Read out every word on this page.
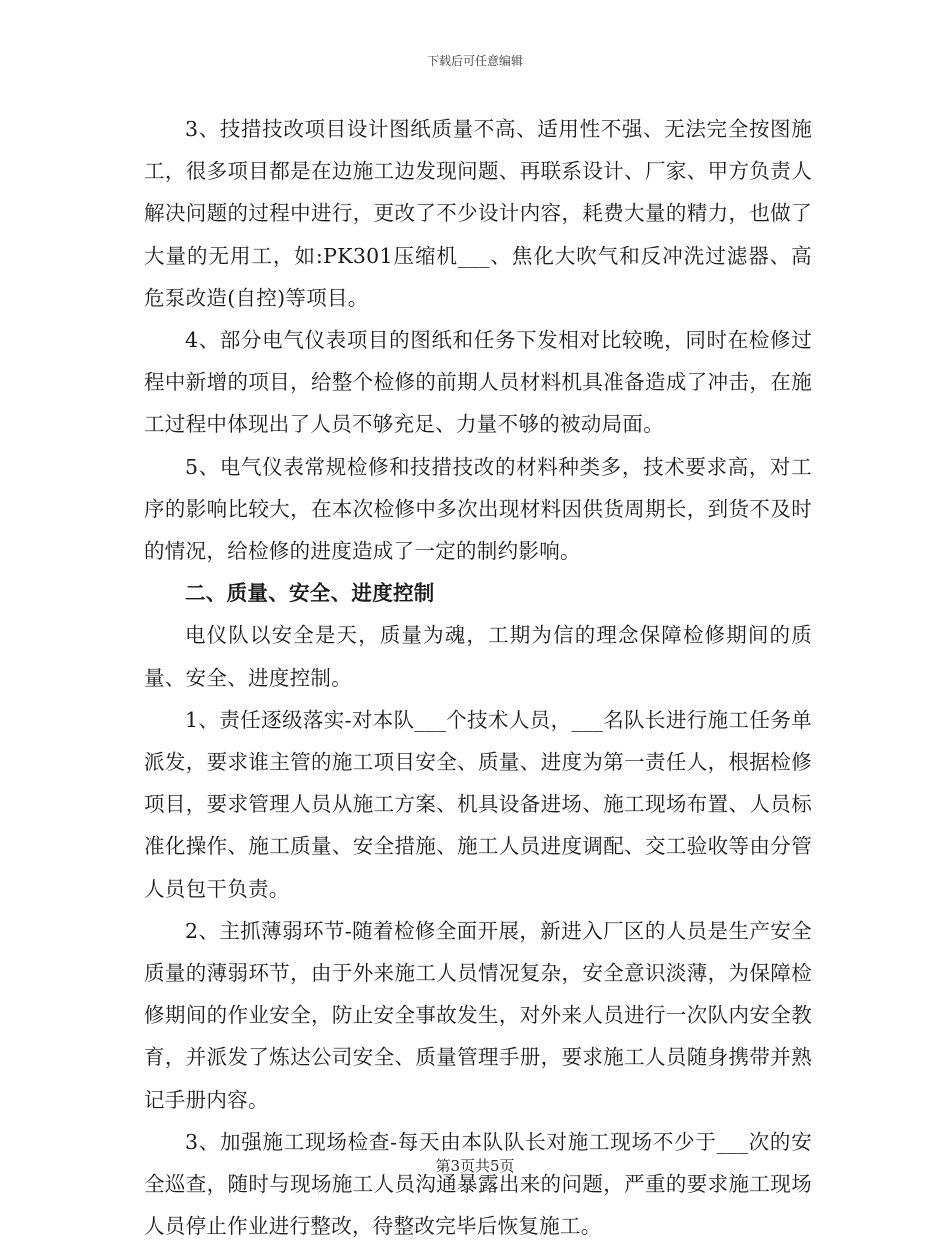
下载后可任意编辑

3、技措技改项目设计图纸质量不高、适用性不强、无法完全按图施工，很多项目都是在边施工边发现问题、再联系设计、厂家、甲方负责人解决问题的过程中进行，更改了不少设计内容，耗费大量的精力，也做了大量的无用工，如:PK301压缩机___、焦化大吹气和反冲洗过滤器、高危泵改造(自控)等项目。

4、部分电气仪表项目的图纸和任务下发相对比较晚，同时在检修过程中新增的项目，给整个检修的前期人员材料机具准备造成了冲击，在施工过程中体现出了人员不够充足、力量不够的被动局面。

5、电气仪表常规检修和技措技改的材料种类多，技术要求高，对工序的影响比较大，在本次检修中多次出现材料因供货周期长，到货不及时的情况，给检修的进度造成了一定的制约影响。

二、质量、安全、进度控制

电仪队以安全是天，质量为魂，工期为信的理念保障检修期间的质量、安全、进度控制。

1、责任逐级落实-对本队___个技术人员，___名队长进行施工任务单派发，要求谁主管的施工项目安全、质量、进度为第一责任人，根据检修项目，要求管理人员从施工方案、机具设备进场、施工现场布置、人员标准化操作、施工质量、安全措施、施工人员进度调配、交工验收等由分管人员包干负责。

2、主抓薄弱环节-随着检修全面开展，新进入厂区的人员是生产安全质量的薄弱环节，由于外来施工人员情况复杂，安全意识淡薄，为保障检修期间的作业安全，防止安全事故发生，对外来人员进行一次队内安全教育，并派发了炼达公司安全、质量管理手册，要求施工人员随身携带并熟记手册内容。

3、加强施工现场检查-每天由本队队长对施工现场不少于___次的安全巡查，随时与现场施工人员沟通暴露出来的问题，严重的要求施工现场人员停止作业进行整改，待整改完毕后恢复施工。

第3页共5页
